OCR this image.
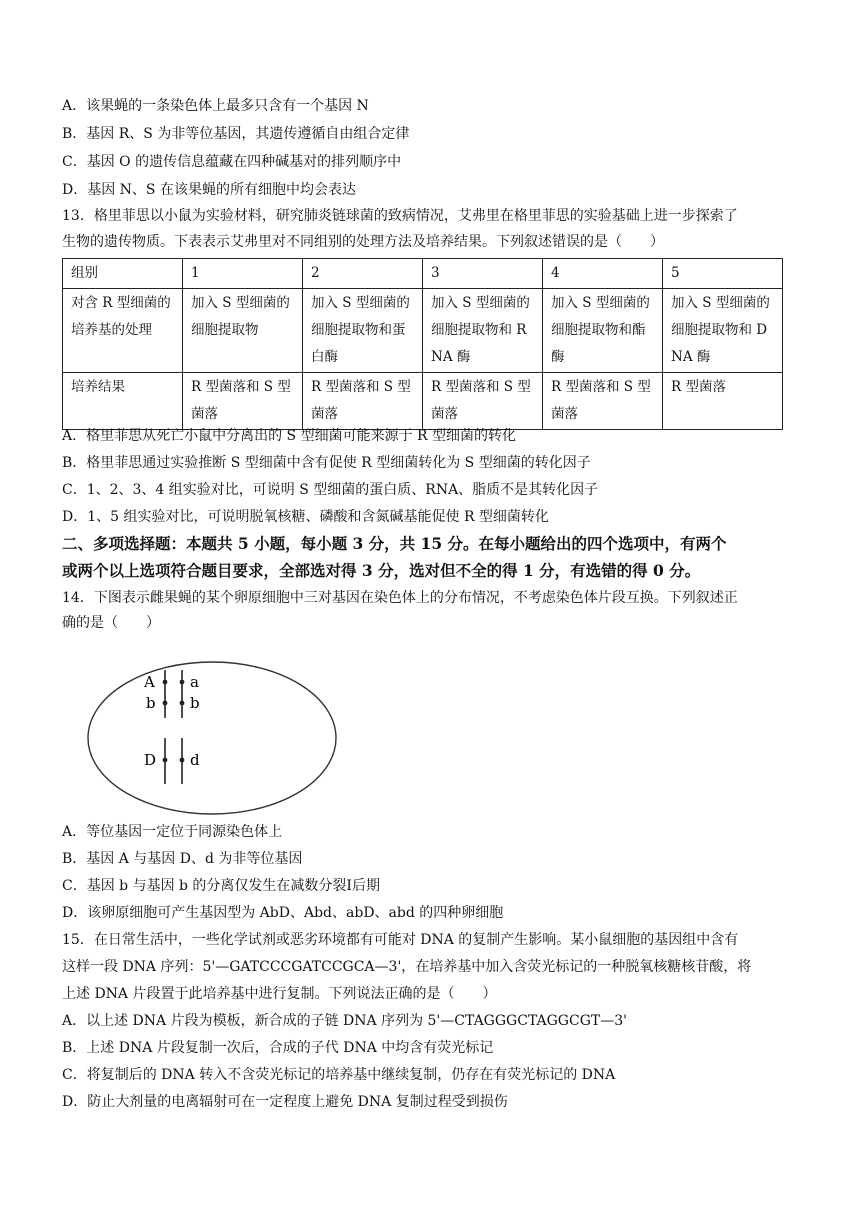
A．该果蝇的一条染色体上最多只含有一个基因 N
B．基因 R、S 为非等位基因，其遗传遵循自由组合定律
C．基因 O 的遗传信息蕴藏在四种碱基对的排列顺序中
D．基因 N、S 在该果蝇的所有细胞中均会表达
13．格里菲思以小鼠为实验材料，研究肺炎链球菌的致病情况，艾弗里在格里菲思的实验基础上进一步探索了
生物的遗传物质。下表表示艾弗里对不同组别的处理方法及培养结果。下列叙述错误的是（　　）
组别	1	2	3	4	5
对含 R 型细菌的培养基的处理	加入 S 型细菌的细胞提取物	加入 S 型细菌的细胞提取物和蛋白酶	加入 S 型细菌的细胞提取物和 RNA 酶	加入 S 型细菌的细胞提取物和酯酶	加入 S 型细菌的细胞提取物和 DNA 酶
培养结果	R 型菌落和 S 型菌落	R 型菌落和 S 型菌落	R 型菌落和 S 型菌落	R 型菌落和 S 型菌落	R 型菌落
A．格里菲思从死亡小鼠中分离出的 S 型细菌可能来源于 R 型细菌的转化
B．格里菲思通过实验推断 S 型细菌中含有促使 R 型细菌转化为 S 型细菌的转化因子
C．1、2、3、4 组实验对比，可说明 S 型细菌的蛋白质、RNA、脂质不是其转化因子
D．1、5 组实验对比，可说明脱氧核糖、磷酸和含氮碱基能促使 R 型细菌转化
二、多项选择题：本题共 5 小题，每小题 3 分，共 15 分。在每小题给出的四个选项中，有两个
或两个以上选项符合题目要求，全部选对得 3 分，选对但不全的得 1 分，有选错的得 0 分。
14．下图表示雌果蝇的某个卵原细胞中三对基因在染色体上的分布情况，不考虑染色体片段互换。下列叙述正
确的是（　　）
A a
b b
D d
A．等位基因一定位于同源染色体上
B．基因 A 与基因 D、d 为非等位基因
C．基因 b 与基因 b 的分离仅发生在减数分裂Ⅰ后期
D．该卵原细胞可产生基因型为 AbD、Abd、abD、abd 的四种卵细胞
15．在日常生活中，一些化学试剂或恶劣环境都有可能对 DNA 的复制产生影响。某小鼠细胞的基因组中含有
这样一段 DNA 序列：5'—GATCCCGATCCGCA—3'，在培养基中加入含荧光标记的一种脱氧核糖核苷酸，将
上述 DNA 片段置于此培养基中进行复制。下列说法正确的是（　　）
A．以上述 DNA 片段为模板，新合成的子链 DNA 序列为 5'—CTAGGGCTAGGCGT—3'
B．上述 DNA 片段复制一次后，合成的子代 DNA 中均含有荧光标记
C．将复制后的 DNA 转入不含荧光标记的培养基中继续复制，仍存在有荧光标记的 DNA
D．防止大剂量的电离辐射可在一定程度上避免 DNA 复制过程受到损伤
